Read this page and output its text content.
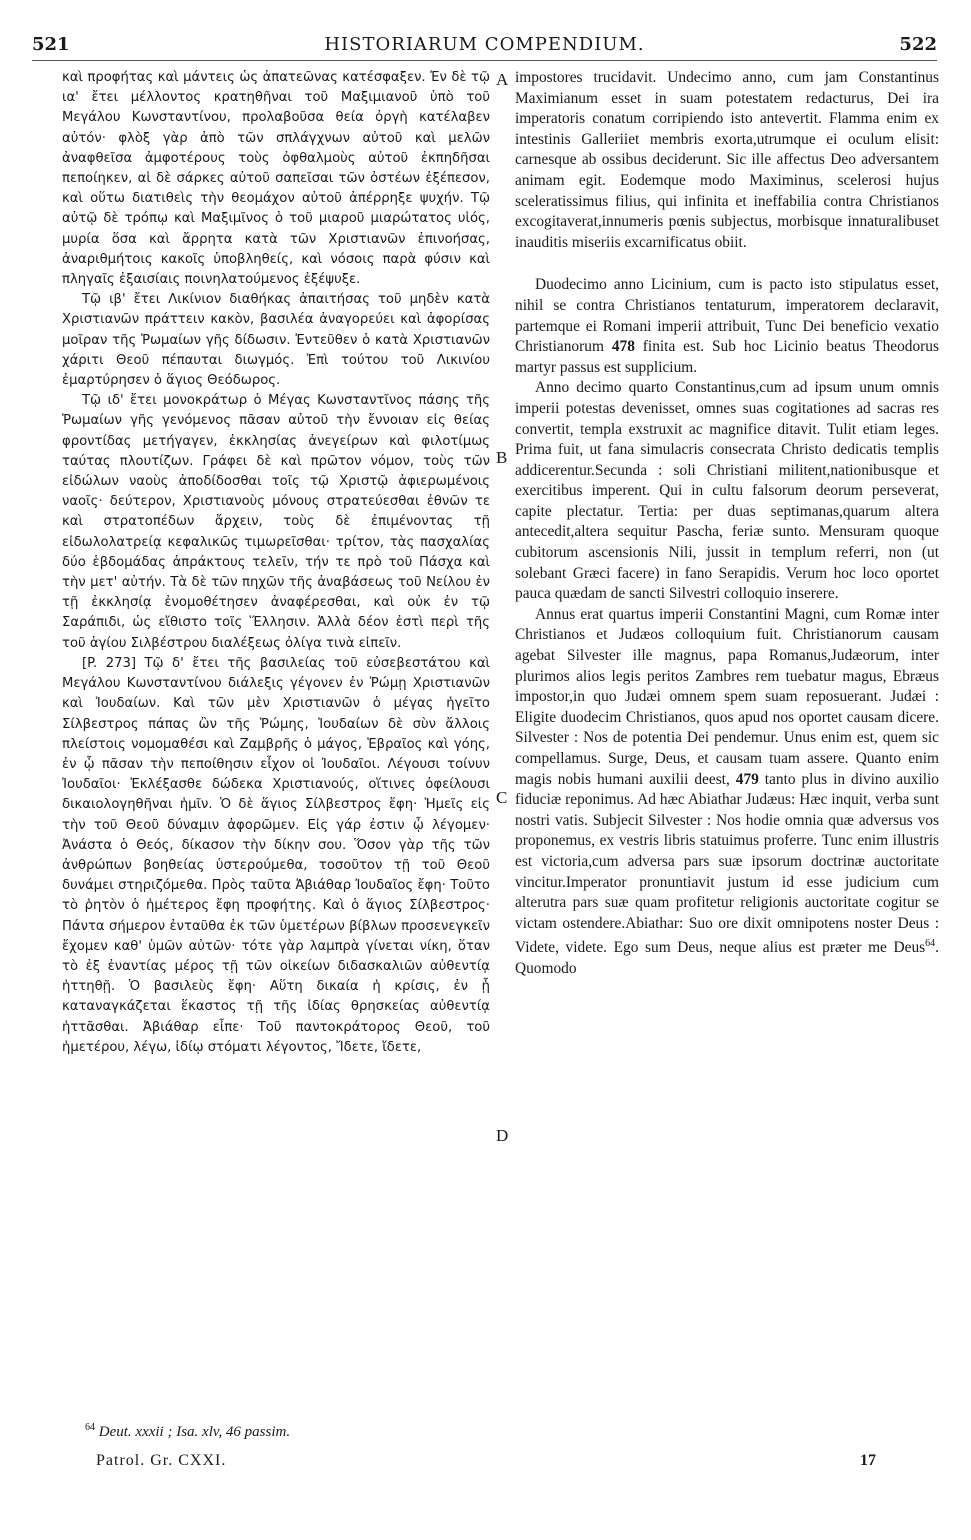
521	HISTORIARUM COMPENDIUM.	522
A
B
C
D

καὶ προφήτας καὶ μάντεις ὡς ἀπατεῶνας κατέσφαξεν. Ἐν δὲ τῷ ια' ἔτει μέλλοντος κρατηθῆναι τοῦ Μαξιμιανοῦ ὑπὸ τοῦ Μεγάλου Κωνσταντίνου, προλαβοῦσα θεία ὀργὴ κατέλαβεν αὐτόν· φλὸξ γὰρ ἀπὸ τῶν σπλάγχνων αὐτοῦ καὶ μελῶν ἀναφθεῖσα ἀμφοτέρους τοὺς ὀφθαλμοὺς αὐτοῦ ἐκπηδῆσαι πεποίηκεν, αἱ δὲ σάρκες αὐτοῦ σαπεῖσαι τῶν ὀστέων ἐξέπεσον, καὶ οὕτω διατιθεὶς τὴν θεομάχον αὐτοῦ ἀπέρρηξε ψυχήν. Τῷ αὐτῷ δὲ τρόπῳ καὶ Μαξιμῖνος ὁ τοῦ μιαροῦ μιαρώτατος υἱός, μυρία ὅσα καὶ ἄρρητα κατὰ τῶν Χριστιανῶν ἐπινοήσας, ἀναριθμήτοις κακοῖς ὑποβληθείς, καὶ νόσοις παρὰ φύσιν καὶ πληγαῖς ἐξαισίαις ποινηλατούμενος ἐξέψυξε.

Τῷ ιβ' ἔτει Λικίνιον διαθήκας ἀπαιτήσας τοῦ μηδὲν κατὰ Χριστιανῶν πράττειν κακὸν, βασιλέα ἀναγορεύει καὶ ἀφορίσας μοῖραν τῆς Ῥωμαίων γῆς δίδωσιν. Ἐντεῦθεν ὁ κατὰ Χριστιανῶν χάριτι Θεοῦ πέπαυται διωγμός. Ἐπὶ τούτου τοῦ Λικινίου ἐμαρτύρησεν ὁ ἅγιος Θεόδωρος.

Τῷ ιδ' ἔτει μονοκράτωρ ὁ Μέγας Κωνσταντῖνος πάσης τῆς Ῥωμαίων γῆς γενόμενος πᾶσαν αὐτοῦ τὴν ἔννοιαν εἰς θείας φροντίδας μετήγαγεν, ἐκκλησίας ἀνεγείρων καὶ φιλοτίμως ταύτας πλουτίζων. Γράφει δὲ καὶ πρῶτον νόμον, τοὺς τῶν εἰδώλων ναοὺς ἀποδίδοσθαι τοῖς τῷ Χριστῷ ἀφιερωμένοις ναοῖς· δεύτερον, Χριστιανοὺς μόνους στρατεύεσθαι ἐθνῶν τε καὶ στρατοπέδων ἄρχειν, τοὺς δὲ ἐπιμένοντας τῇ εἰδωλολατρείᾳ κεφαλικῶς τιμωρεῖσθαι· τρίτον, τὰς πασχαλίας δύο ἑβδομάδας ἀπράκτους τελεῖν, τήν τε πρὸ τοῦ Πάσχα καὶ τὴν μετ' αὐτήν. Τὰ δὲ τῶν πηχῶν τῆς ἀναβάσεως τοῦ Νείλου ἐν τῇ ἐκκλησίᾳ ἐνομοθέτησεν ἀναφέρεσθαι, καὶ οὐκ ἐν τῷ Σαράπιδι, ὡς εἴθιστο τοῖς Ἕλλησιν. Ἀλλὰ δέον ἐστὶ περὶ τῆς τοῦ ἁγίου Σιλβέστρου διαλέξεως ὀλίγα τινὰ εἰπεῖν.

[P. 273] Τῷ δ' ἔτει τῆς βασιλείας τοῦ εὐσεβεστάτου καὶ Μεγάλου Κωνσταντίνου διάλεξις γέγονεν ἐν Ῥώμῃ Χριστιανῶν καὶ Ἰουδαίων. Καὶ τῶν μὲν Χριστιανῶν ὁ μέγας ἡγεῖτο Σίλβεστρος πάπας ὢν τῆς Ῥώμης, Ἰουδαίων δὲ σὺν ἄλλοις πλείστοις νομομαθέσι καὶ Ζαμβρῆς ὁ μάγος, Ἑβραῖος καὶ γόης, ἐν ᾧ πᾶσαν τὴν πεποίθησιν εἶχον οἱ Ἰουδαῖοι. Λέγουσι τοίνυν Ἰουδαῖοι· Ἐκλέξασθε δώδεκα Χριστιανούς, οἵτινες ὀφείλουσι δικαιολογηθῆναι ἡμῖν. Ὁ δὲ ἅγιος Σίλβεστρος ἔφη· Ἡμεῖς εἰς τὴν τοῦ Θεοῦ δύναμιν ἀφορῶμεν. Εἰς γάρ ἐστιν ᾧ λέγομεν· Ἀνάστα ὁ Θεός, δίκασον τὴν δίκην σου. Ὅσον γὰρ τῆς τῶν ἀνθρώπων βοηθείας ὑστερούμεθα, τοσοῦτον τῇ τοῦ Θεοῦ δυνάμει στηριζόμεθα. Πρὸς ταῦτα Ἀβιάθαρ Ἰουδαῖος ἔφη· Τοῦτο τὸ ῥητὸν ὁ ἡμέτερος ἔφη προφήτης. Καὶ ὁ ἅγιος Σίλβεστρος· Πάντα σήμερον ἐνταῦθα ἐκ τῶν ὑμετέρων βίβλων προσενεγκεῖν ἔχομεν καθ' ὑμῶν αὐτῶν· τότε γὰρ λαμπρὰ γίνεται νίκη, ὅταν τὸ ἐξ ἐναντίας μέρος τῇ τῶν οἰκείων διδασκαλιῶν αὐθεντίᾳ ἡττηθῇ. Ὁ βασιλεὺς ἔφη· Αὕτη δικαία ἡ κρίσις, ἐν ᾗ καταναγκάζεται ἕκαστος τῇ τῆς ἰδίας θρησκείας αὐθεντίᾳ ἡττᾶσθαι. Ἀβιάθαρ εἶπε· Τοῦ παντοκράτορος Θεοῦ, τοῦ ἡμετέρου, λέγω, ἰδίῳ στόματι λέγοντος, Ἴδετε, ἴδετε,

impostores trucidavit. Undecimo anno, cum jam Constantinus Maximianum esset in suam potestatem redacturus, Dei ira imperatoris conatum corripiendo isto antevertit. Flamma enim ex intestinis Galleriiet membris exorta,utrumque ei oculum elisit: carnesque ab ossibus deciderunt. Sic ille affectus Deo adversantem animam egit. Eodemque modo Maximinus, scelerosi hujus sceleratissimus filius, qui infinita et ineffabilia contra Christianos excogitaverat,innumeris pœnis subjectus, morbisque innaturalibuset inauditis miseriis excarnificatus obiit.

Duodecimo anno Licinium, cum is pacto isto stipulatus esset, nihil se contra Christianos tentaturum, imperatorem declaravit, partemque ei Romani imperii attribuit, Tunc Dei beneficio vexatio Christianorum 478 finita est. Sub hoc Licinio beatus Theodorus martyr passus est supplicium.

Anno decimo quarto Constantinus,cum ad ipsum unum omnis imperii potestas devenisset, omnes suas cogitationes ad sacras res convertit, templa exstruxit ac magnifice ditavit. Tulit etiam leges. Prima fuit, ut fana simulacris consecrata Christo dedicatis templis addicerentur.Secunda : soli Christiani militent,nationibusque et exercitibus imperent. Qui in cultu falsorum deorum perseverat, capite plectatur. Tertia: per duas septimanas,quarum altera antecedit,altera sequitur Pascha, feriæ sunto. Mensuram quoque cubitorum ascensionis Nili, jussit in templum referri, non (ut solebant Græci facere) in fano Serapidis. Verum hoc loco oportet pauca quædam de sancti Silvestri colloquio inserere.

Annus erat quartus imperii Constantini Magni, cum Romæ inter Christianos et Judæos colloquium fuit. Christianorum causam agebat Silvester ille magnus, papa Romanus,Judæorum, inter plurimos alios legis peritos Zambres rem tuebatur magus, Ebræus impostor,in quo Judæi omnem spem suam reposuerant. Judæi : Eligite duodecim Christianos, quos apud nos oportet causam dicere. Silvester : Nos de potentia Dei pendemur. Unus enim est, quem sic compellamus. Surge, Deus, et causam tuam assere. Quanto enim magis nobis humani auxilii deest, 479 tanto plus in divino auxilio fiduciæ reponimus. Ad hæc Abiathar Judæus: Hæc inquit, verba sunt nostri vatis. Subjecit Silvester : Nos hodie omnia quæ adversus vos proponemus, ex vestris libris statuimus proferre. Tunc enim illustris est victoria,cum adversa pars suæ ipsorum doctrinæ auctoritate vincitur.Imperator pronuntiavit justum id esse judicium cum alterutra pars suæ quam profitetur religionis auctoritate cogitur se victam ostendere.Abiathar: Suo ore dixit omnipotens noster Deus : Videte, videte. Ego sum Deus, neque alius est præter me Deus$^{64}$. Quomodo

$^{64}$ Deut. xxxii ; Isa. xlv, 46 passim.
Patrol. Gr. CXXI.	17
